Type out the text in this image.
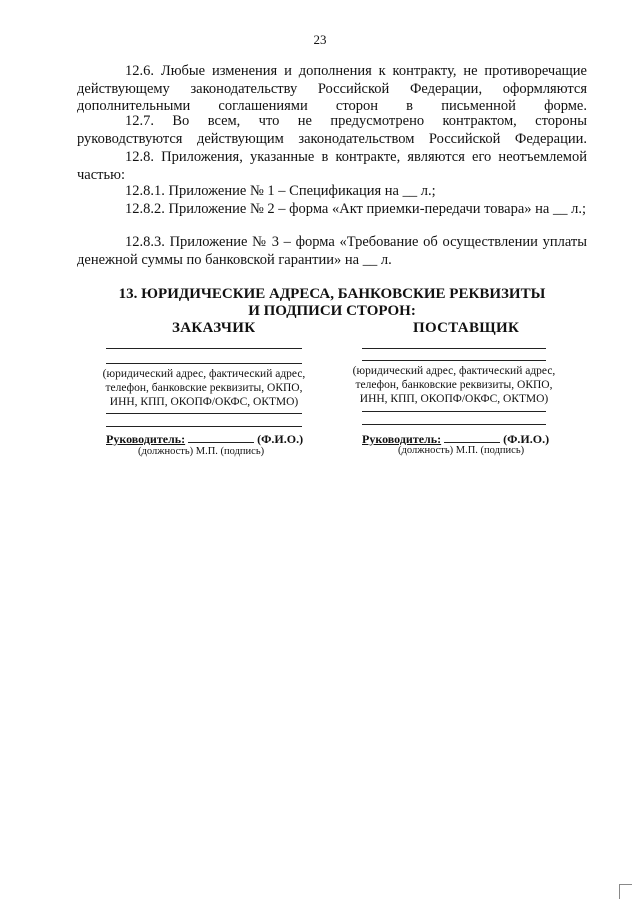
23

12.6. Любые изменения и дополнения к контракту, не противоречащие действующему законодательству Российской Федерации, оформляются дополнительными соглашениями сторон в письменной форме.

12.7. Во всем, что не предусмотрено контрактом, стороны руководствуются действующим законодательством Российской Федерации.

12.8. Приложения, указанные в контракте, являются его неотъемлемой частью:

12.8.1. Приложение № 1 – Спецификация на __ л.;

12.8.2. Приложение № 2 – форма «Акт приемки-передачи товара» на __ л.;

12.8.3. Приложение № 3 – форма «Требование об осуществлении уплаты денежной суммы по банковской гарантии» на __ л.

13. ЮРИДИЧЕСКИЕ АДРЕСА, БАНКОВСКИЕ РЕКВИЗИТЫ
И ПОДПИСИ СТОРОН:
ЗАКАЗЧИК
(юридический адрес, фактический адрес,
телефон, банковские реквизиты, ОКПО,
ИНН, КПП, ОКОПФ/ОКФС, ОКТМО)
Руководитель:	(Ф.И.О.)
(должность) М.П. (подпись)
ПОСТАВЩИК
(юридический адрес, фактический адрес,
телефон, банковские реквизиты, ОКПО,
ИНН, КПП, ОКОПФ/ОКФС, ОКТМО)
Руководитель:	(Ф.И.О.)
(должность) М.П. (подпись)
